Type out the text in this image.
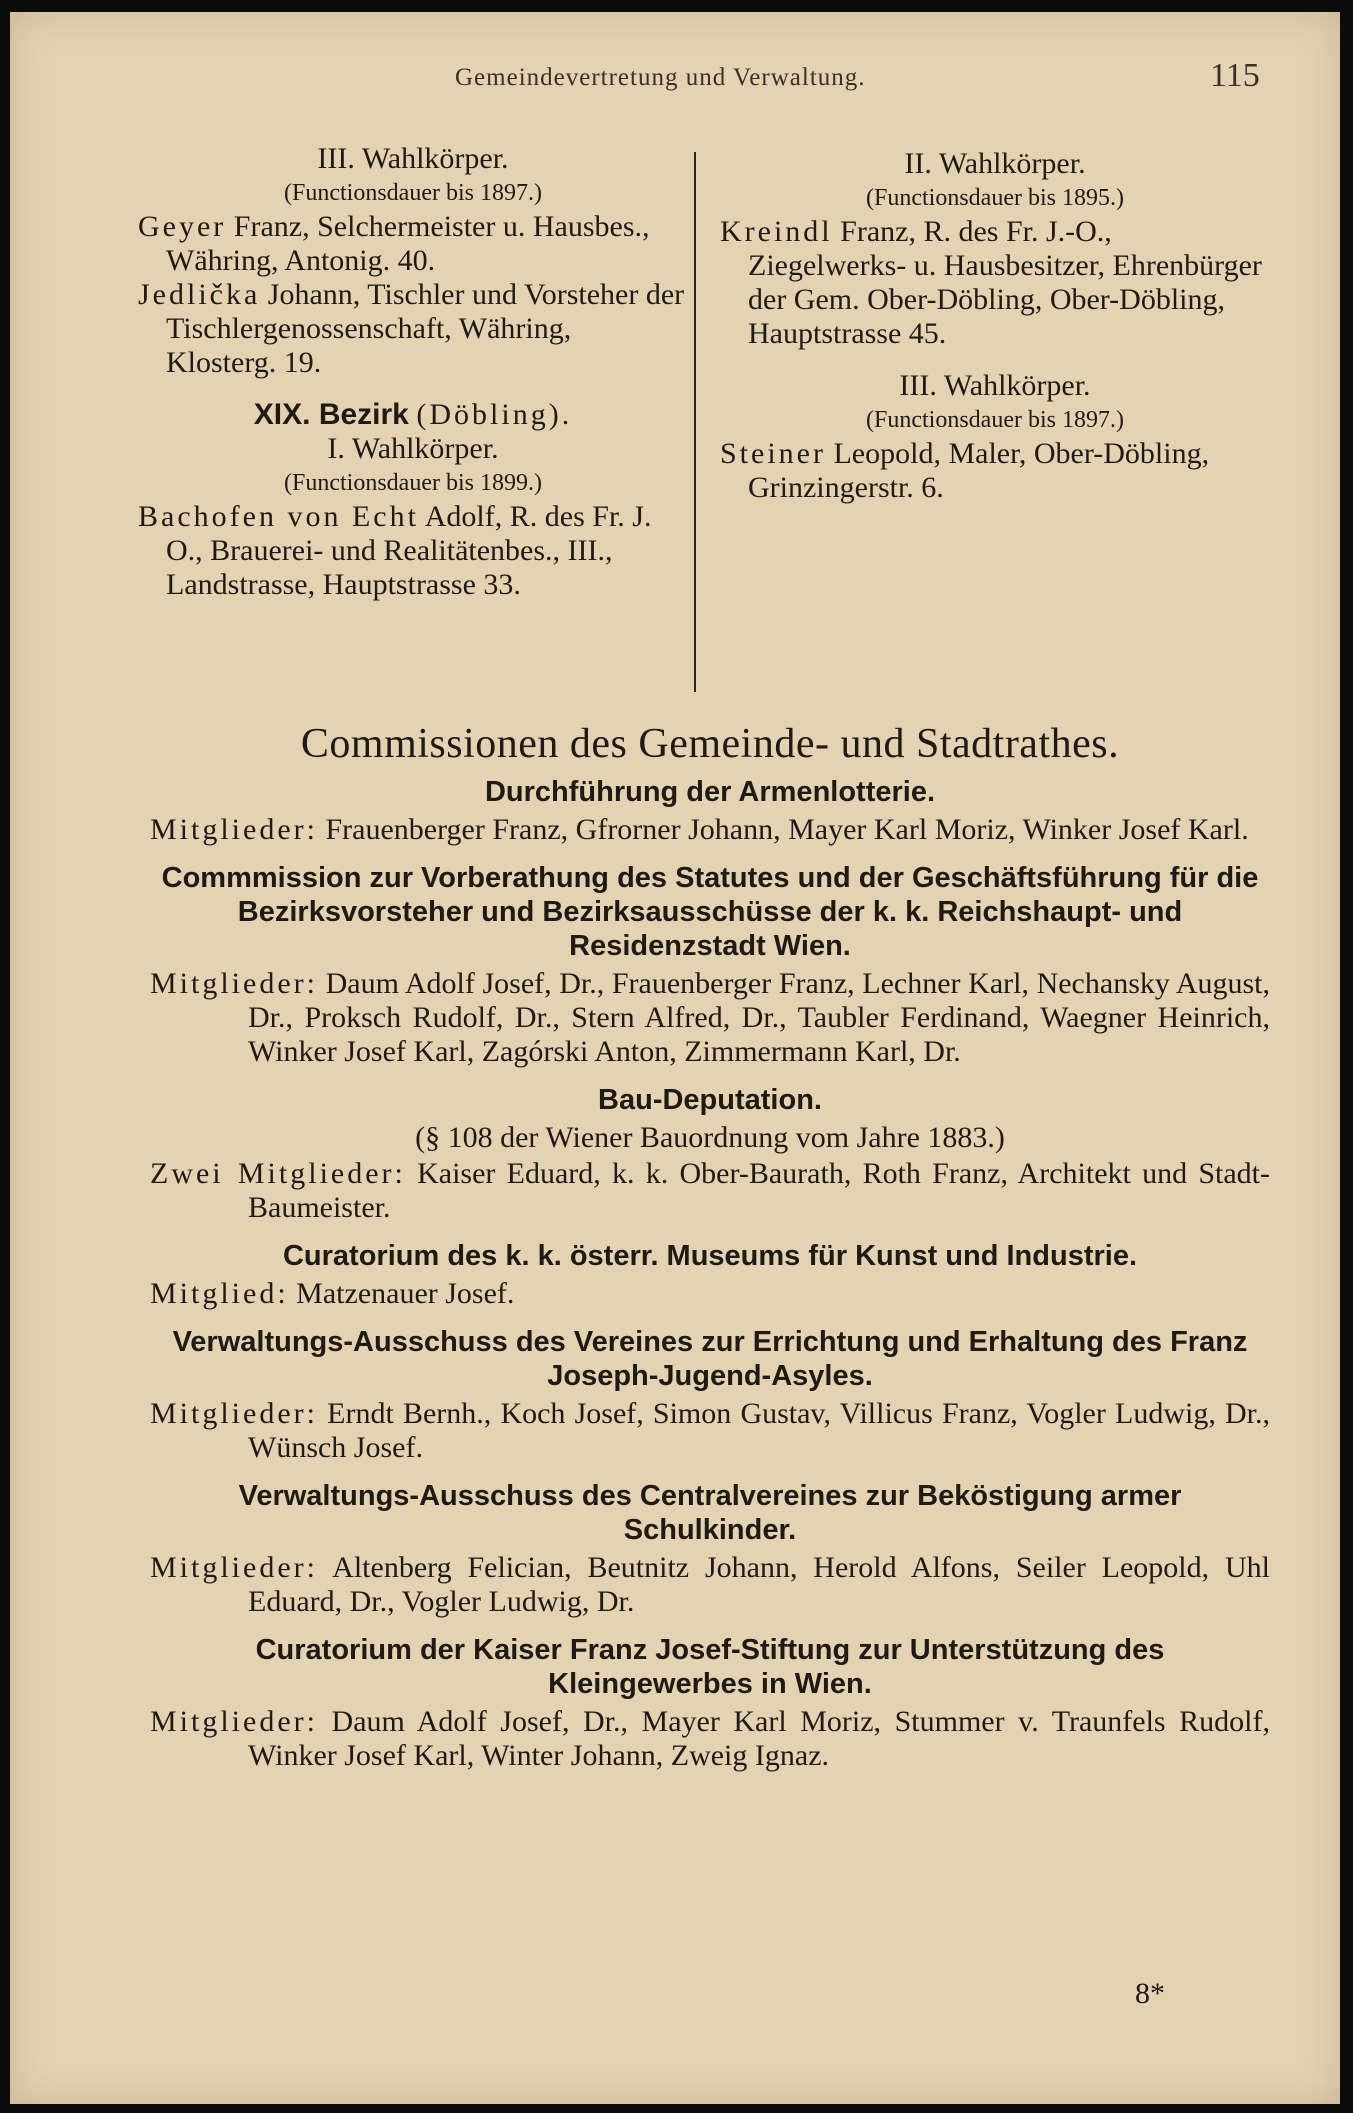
Gemeindevertretung und Verwaltung.	115

III. Wahlkörper.

(Functionsdauer bis 1897.)

Geyer Franz, Selchermeister u. Hausbes., Währing, Antonig. 40.

Jedlička Johann, Tischler und Vorsteher der Tischlergenossenschaft, Währing, Klosterg. 19.

XIX. Bezirk (Döbling).

I. Wahlkörper.

(Functionsdauer bis 1899.)

Bachofen von Echt Adolf, R. des Fr. J. O., Brauerei- und Realitätenbes., III., Landstrasse, Hauptstrasse 33.

II. Wahlkörper.

(Functionsdauer bis 1895.)

Kreindl Franz, R. des Fr. J.-O., Ziegelwerks- u. Hausbesitzer, Ehrenbürger der Gem. Ober-Döbling, Ober-Döbling, Hauptstrasse 45.

III. Wahlkörper.

(Functionsdauer bis 1897.)

Steiner Leopold, Maler, Ober-Döbling, Grinzingerstr. 6.

Commissionen des Gemeinde- und Stadtrathes.

Durchführung der Armenlotterie.

Mitglieder: Frauenberger Franz, Gfrorner Johann, Mayer Karl Moriz, Winker Josef Karl.

Commmission zur Vorberathung des Statutes und der Geschäftsführung für die Bezirksvorsteher und Bezirksausschüsse der k. k. Reichshaupt- und Residenzstadt Wien.

Mitglieder: Daum Adolf Josef, Dr., Frauenberger Franz, Lechner Karl, Nechansky August, Dr., Proksch Rudolf, Dr., Stern Alfred, Dr., Taubler Ferdinand, Waegner Heinrich, Winker Josef Karl, Zagórski Anton, Zimmermann Karl, Dr.

Bau-Deputation.

(§ 108 der Wiener Bauordnung vom Jahre 1883.)

Zwei Mitglieder: Kaiser Eduard, k. k. Ober-Baurath, Roth Franz, Architekt und Stadt-Baumeister.

Curatorium des k. k. österr. Museums für Kunst und Industrie.

Mitglied: Matzenauer Josef.

Verwaltungs-Ausschuss des Vereines zur Errichtung und Erhaltung des Franz Joseph-Jugend-Asyles.

Mitglieder: Erndt Bernh., Koch Josef, Simon Gustav, Villicus Franz, Vogler Ludwig, Dr., Wünsch Josef.

Verwaltungs-Ausschuss des Centralvereines zur Beköstigung armer Schulkinder.

Mitglieder: Altenberg Felician, Beutnitz Johann, Herold Alfons, Seiler Leopold, Uhl Eduard, Dr., Vogler Ludwig, Dr.

Curatorium der Kaiser Franz Josef-Stiftung zur Unterstützung des Kleingewerbes in Wien.

Mitglieder: Daum Adolf Josef, Dr., Mayer Karl Moriz, Stummer v. Traunfels Rudolf, Winker Josef Karl, Winter Johann, Zweig Ignaz.

8*
